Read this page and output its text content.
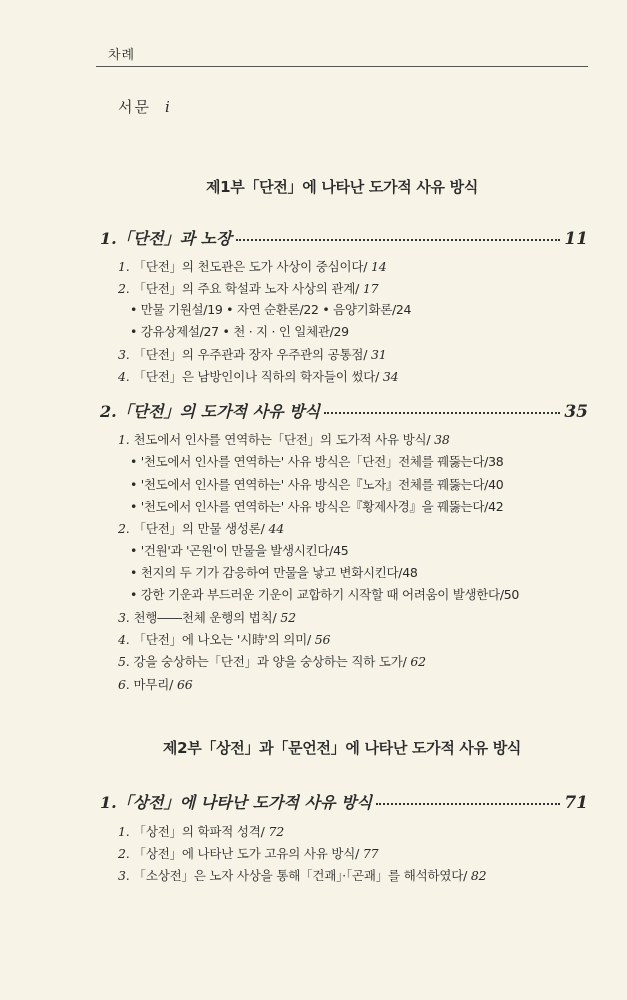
차례
서문 i
제1부「단전」에 나타난 도가적 사유 방식
1.「단전」과 노장	11
1. 「단전」의 천도관은 도가 사상이 중심이다/ 14
2. 「단전」의 주요 학설과 노자 사상의 관계/ 17
• 만물 기원설/19 • 자연 순환론/22 • 음양기화론/24
• 강유상제설/27 • 천 · 지 · 인 일체관/29
3. 「단전」의 우주관과 장자 우주관의 공통점/ 31
4. 「단전」은 남방인이나 직하의 학자들이 썼다/ 34
2.「단전」의 도가적 사유 방식	35
1. 천도에서 인사를 연역하는「단전」의 도가적 사유 방식/ 38
• '천도에서 인사를 연역하는' 사유 방식은「단전」전체를 꿰뚫는다/38
• '천도에서 인사를 연역하는' 사유 방식은『노자』전체를 꿰뚫는다/40
• '천도에서 인사를 연역하는' 사유 방식은『황제사경』을 꿰뚫는다/42
2. 「단전」의 만물 생성론/ 44
• '건원'과 '곤원'이 만물을 발생시킨다/45
• 천지의 두 기가 감응하여 만물을 낳고 변화시킨다/48
• 강한 기운과 부드러운 기운이 교합하기 시작할 때 어려움이 발생한다/50
3. 천행――천체 운행의 법칙/ 52
4. 「단전」에 나오는 '시時'의 의미/ 56
5. 강을 숭상하는「단전」과 양을 숭상하는 직하 도가/ 62
6. 마무리/ 66
제2부「상전」과「문언전」에 나타난 도가적 사유 방식
1.「상전」에 나타난 도가적 사유 방식	71
1. 「상전」의 학파적 성격/ 72
2. 「상전」에 나타난 도가 고유의 사유 방식/ 77
3. 「소상전」은 노자 사상을 통해「건괘」·「곤괘」를 해석하였다/ 82
